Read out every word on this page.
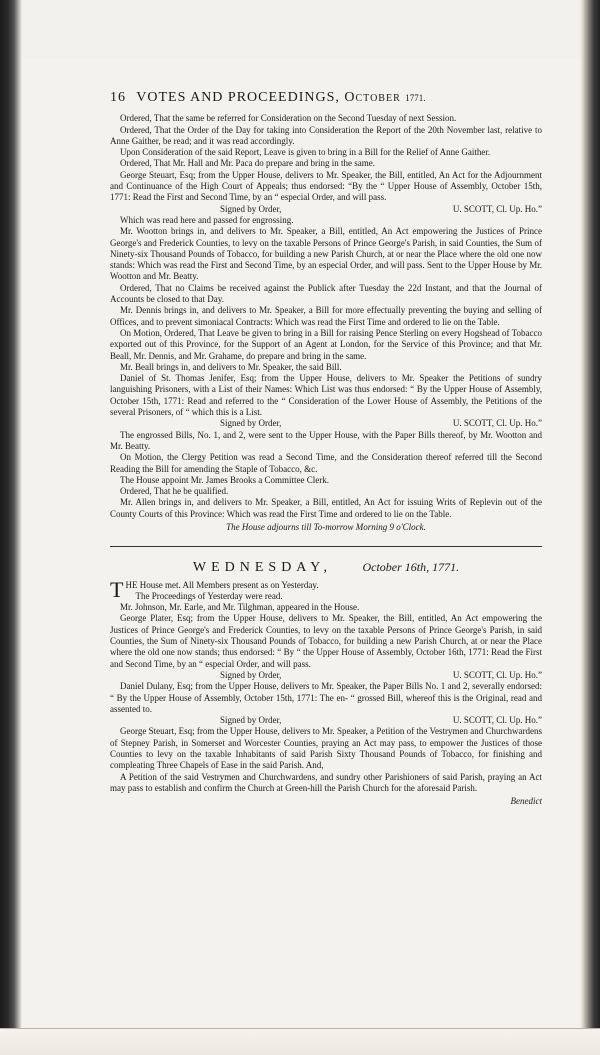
16 VOTES AND PROCEEDINGS, October 1771.

Ordered, That the same be referred for Consideration on the Second Tuesday of next Session.

Ordered, That the Order of the Day for taking into Consideration the Report of the 20th November last, relative to Anne Gaither, be read; and it was read accordingly.

Upon Consideration of the said Report, Leave is given to bring in a Bill for the Relief of Anne Gaither.

Ordered, That Mr. Hall and Mr. Paca do prepare and bring in the same.

George Steuart, Esq; from the Upper House, delivers to Mr. Speaker, the Bill, entitled, An Act for the Adjournment and Continuance of the High Court of Appeals; thus endorsed: “By the “ Upper House of Assembly, October 15th, 1771: Read the First and Second Time, by an “ especial Order, and will pass.

Signed by Order,	U. SCOTT, Cl. Up. Ho.”

Which was read here and passed for engrossing.

Mr. Wootton brings in, and delivers to Mr. Speaker, a Bill, entitled, An Act empowering the Justices of Prince George's and Frederick Counties, to levy on the taxable Persons of Prince George's Parish, in said Counties, the Sum of Ninety-six Thousand Pounds of Tobacco, for building a new Parish Church, at or near the Place where the old one now stands: Which was read the First and Second Time, by an especial Order, and will pass. Sent to the Upper House by Mr. Wootton and Mr. Beatty.

Ordered, That no Claims be received against the Publick after Tuesday the 22d Instant, and that the Journal of Accounts be closed to that Day.

Mr. Dennis brings in, and delivers to Mr. Speaker, a Bill for more effectually preventing the buying and selling of Offices, and to prevent simoniacal Contracts: Which was read the First Time and ordered to lie on the Table.

On Motion, Ordered, That Leave be given to bring in a Bill for raising Pence Sterling on every Hogshead of Tobacco exported out of this Province, for the Support of an Agent at London, for the Service of this Province; and that Mr. Beall, Mr. Dennis, and Mr. Grahame, do prepare and bring in the same.

Mr. Beall brings in, and delivers to Mr. Speaker, the said Bill.

Daniel of St. Thomas Jenifer, Esq; from the Upper House, delivers to Mr. Speaker the Petitions of sundry languishing Prisoners, with a List of their Names: Which List was thus endorsed: “ By the Upper House of Assembly, October 15th, 1771: Read and referred to the “ Consideration of the Lower House of Assembly, the Petitions of the several Prisoners, of “ which this is a List.

Signed by Order,	U. SCOTT, Cl. Up. Ho.”

The engrossed Bills, No. 1, and 2, were sent to the Upper House, with the Paper Bills thereof, by Mr. Wootton and Mr. Beatty.

On Motion, the Clergy Petition was read a Second Time, and the Consideration thereof referred till the Second Reading the Bill for amending the Staple of Tobacco, &c.

The House appoint Mr. James Brooks a Committee Clerk.

Ordered, That he be qualified.

Mr. Allen brings in, and delivers to Mr. Speaker, a Bill, entitled, An Act for issuing Writs of Replevin out of the County Courts of this Province: Which was read the First Time and ordered to lie on the Table.

The House adjourns till To-morrow Morning 9 o'Clock.

WEDNESDAY,	October 16th, 1771.

THE House met. All Members present as on Yesterday.

The Proceedings of Yesterday were read.

Mr. Johnson, Mr. Earle, and Mr. Tilghman, appeared in the House.

George Plater, Esq; from the Upper House, delivers to Mr. Speaker, the Bill, entitled, An Act empowering the Justices of Prince George's and Frederick Counties, to levy on the taxable Persons of Prince George's Parish, in said Counties, the Sum of Ninety-six Thousand Pounds of Tobacco, for building a new Parish Church, at or near the Place where the old one now stands; thus endorsed: “ By “ the Upper House of Assembly, October 16th, 1771: Read the First and Second Time, by an “ especial Order, and will pass.

Signed by Order,	U. SCOTT, Cl. Up. Ho.”

Daniel Dulany, Esq; from the Upper House, delivers to Mr. Speaker, the Paper Bills No. 1 and 2, severally endorsed: “ By the Upper House of Assembly, October 15th, 1771: The en- “ grossed Bill, whereof this is the Original, read and assented to.

Signed by Order,	U. SCOTT, Cl. Up. Ho.”

George Steuart, Esq; from the Upper House, delivers to Mr. Speaker, a Petition of the Vestrymen and Churchwardens of Stepney Parish, in Somerset and Worcester Counties, praying an Act may pass, to empower the Justices of those Counties to levy on the taxable Inhabitants of said Parish Sixty Thousand Pounds of Tobacco, for finishing and compleating Three Chapels of Ease in the said Parish. And,

A Petition of the said Vestrymen and Churchwardens, and sundry other Parishioners of said Parish, praying an Act may pass to establish and confirm the Church at Green-hill the Parish Church for the aforesaid Parish.

Benedict
